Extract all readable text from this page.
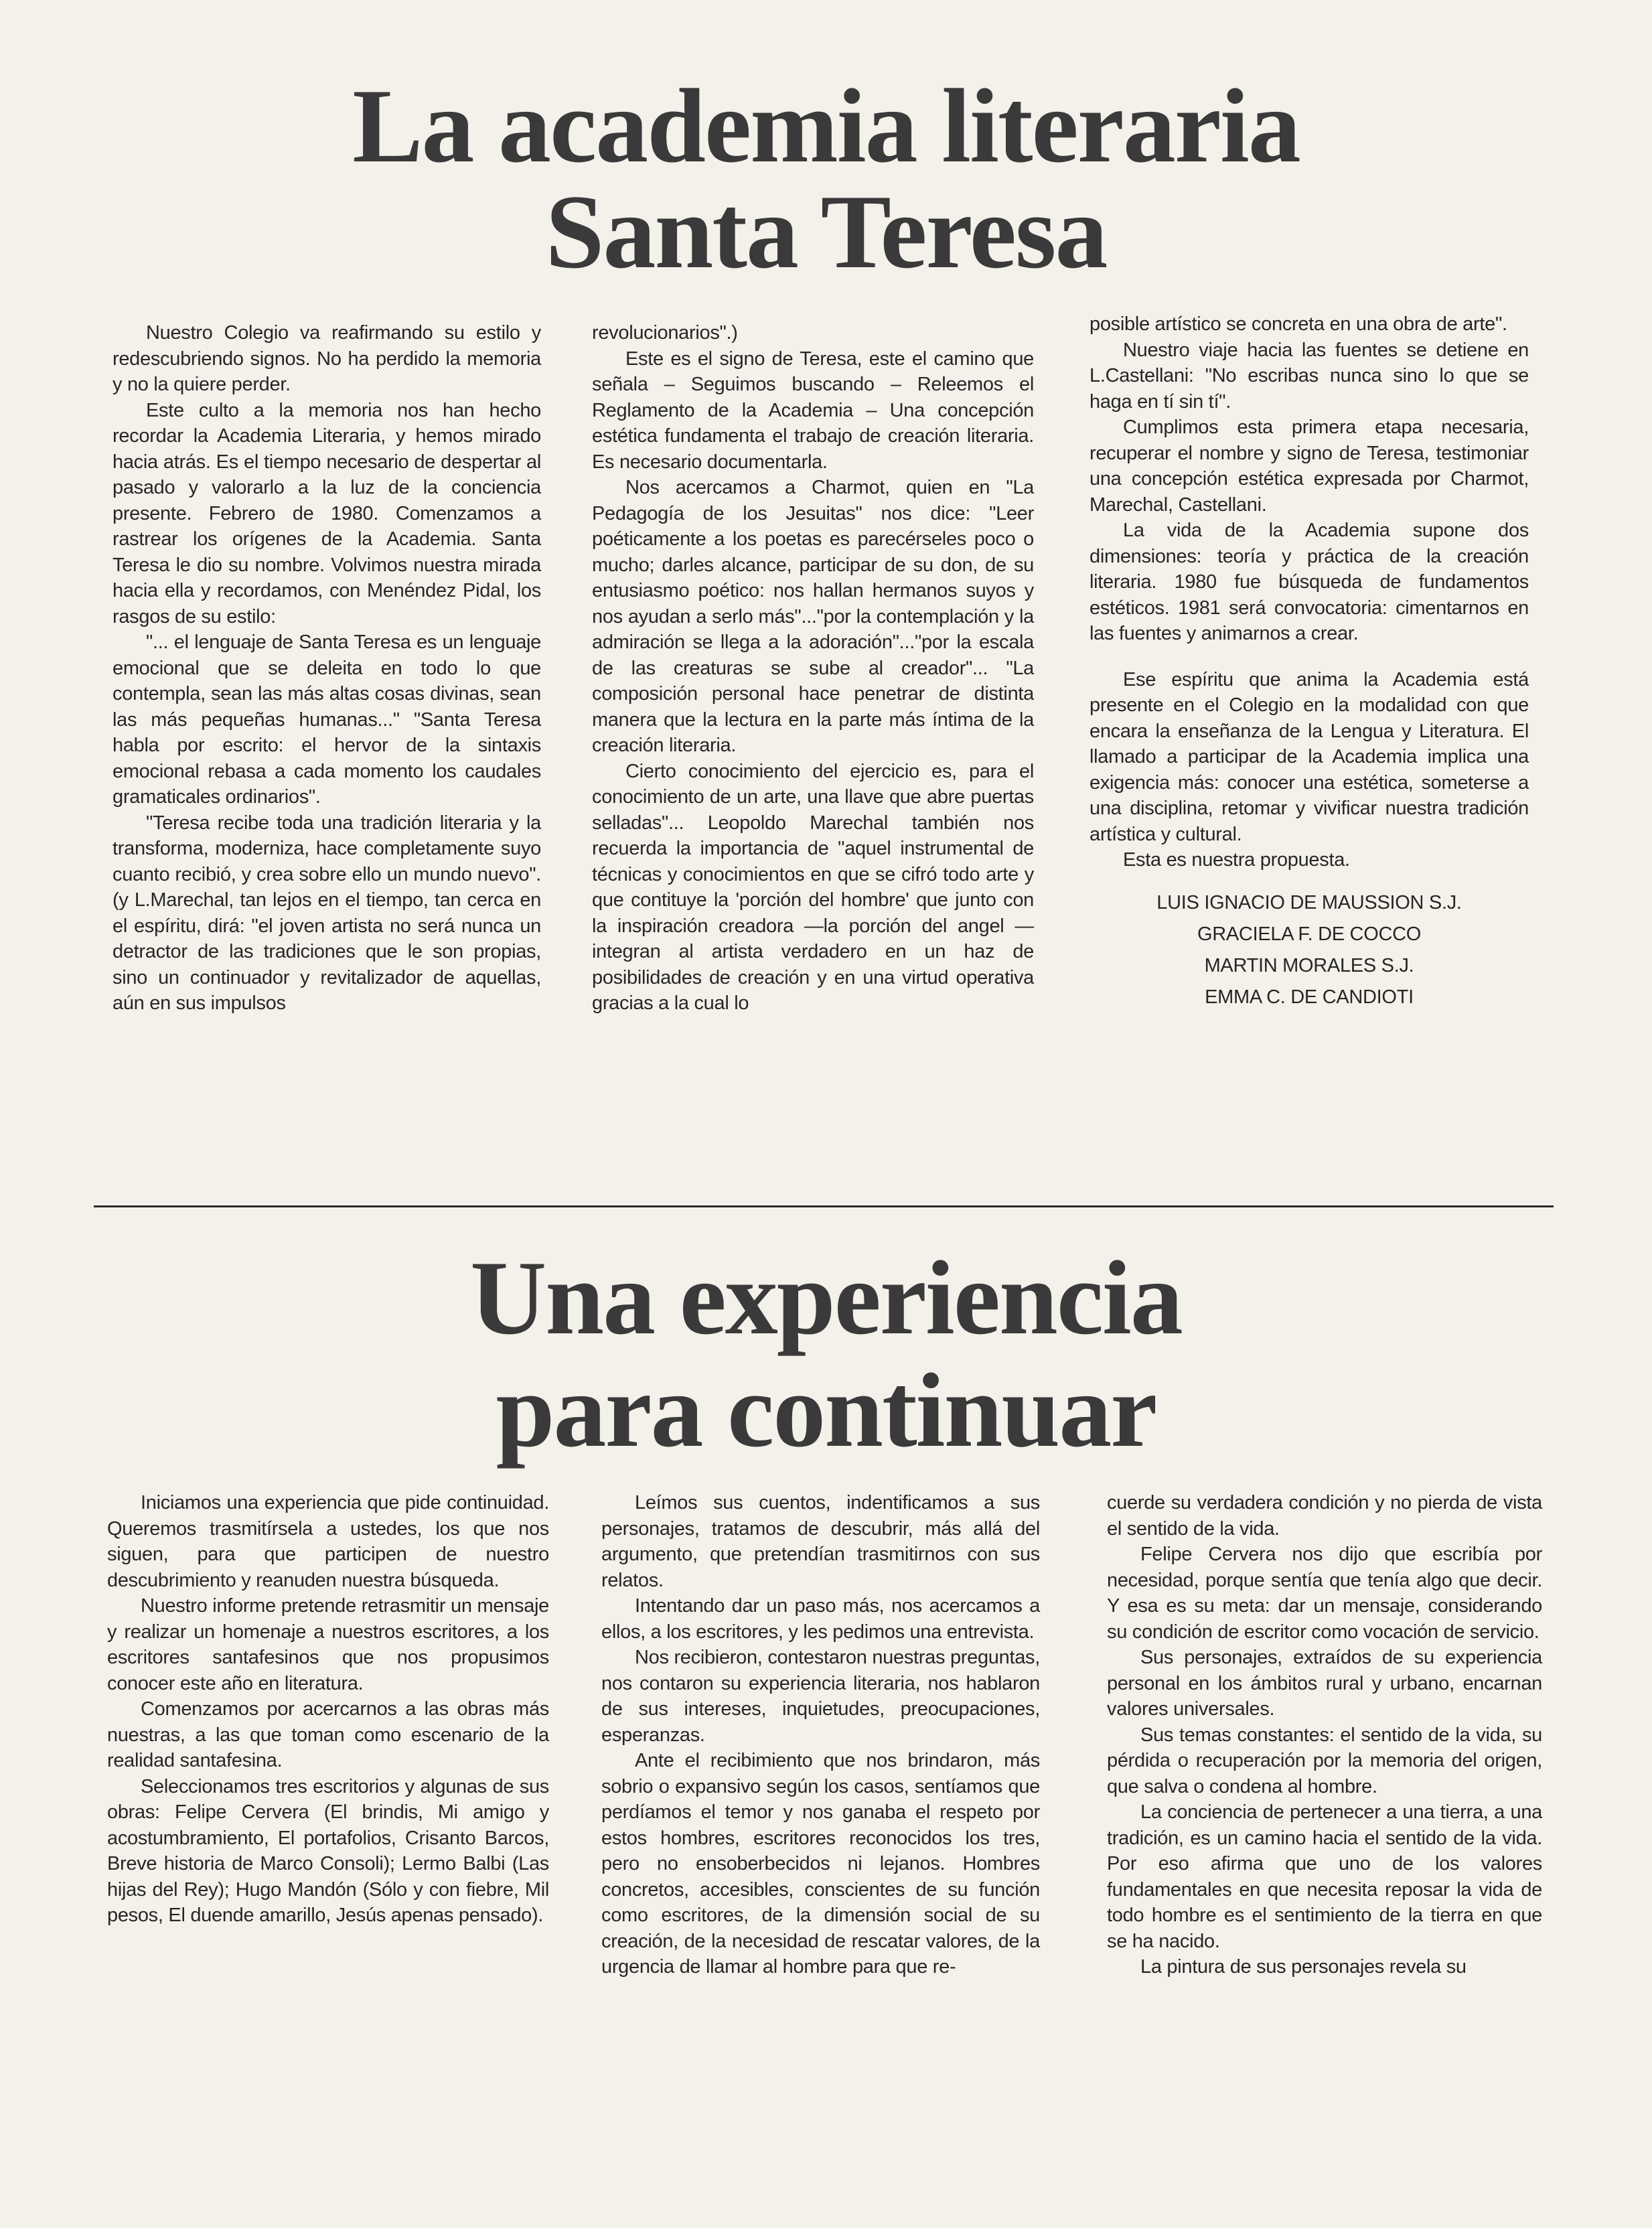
La academia literaria
Santa Teresa

Nuestro Colegio va reafirmando su estilo y redescubriendo signos. No ha perdido la memoria y no la quiere perder.

Este culto a la memoria nos han hecho recordar la Academia Literaria, y hemos mirado hacia atrás. Es el tiempo necesario de despertar al pasado y valorarlo a la luz de la conciencia presente. Febrero de 1980. Comenzamos a rastrear los orígenes de la Academia. Santa Teresa le dio su nombre. Volvimos nuestra mirada hacia ella y recordamos, con Menéndez Pidal, los rasgos de su estilo:

"... el lenguaje de Santa Teresa es un lenguaje emocional que se deleita en todo lo que contempla, sean las más altas cosas divinas, sean las más pequeñas humanas..." "Santa Teresa habla por escrito: el hervor de la sintaxis emocional rebasa a cada momento los caudales gramaticales ordinarios".

"Teresa recibe toda una tradición literaria y la transforma, moderniza, hace completamente suyo cuanto recibió, y crea sobre ello un mundo nuevo". (y L.Marechal, tan lejos en el tiempo, tan cerca en el espíritu, dirá: "el joven artista no será nunca un detractor de las tradiciones que le son propias, sino un continuador y revitalizador de aquellas, aún en sus impulsos

revolucionarios".)

Este es el signo de Teresa, este el camino que señala – Seguimos buscando – Releemos el Reglamento de la Academia – Una concepción estética fundamenta el trabajo de creación literaria. Es necesario documentarla.

Nos acercamos a Charmot, quien en "La Pedagogía de los Jesuitas" nos dice: "Leer poéticamente a los poetas es parecérseles poco o mucho; darles alcance, participar de su don, de su entusiasmo poético: nos hallan hermanos suyos y nos ayudan a serlo más"..."por la contemplación y la admiración se llega a la adoración"..."por la escala de las creaturas se sube al creador"... "La composición personal hace penetrar de distinta manera que la lectura en la parte más íntima de la creación literaria.

Cierto conocimiento del ejercicio es, para el conocimiento de un arte, una llave que abre puertas selladas"... Leopoldo Marechal también nos recuerda la importancia de "aquel instrumental de técnicas y conocimientos en que se cifró todo arte y que contituye la 'porción del hombre' que junto con la inspiración creadora —la porción del angel — integran al artista verdadero en un haz de posibilidades de creación y en una virtud operativa gracias a la cual lo

posible artístico se concreta en una obra de arte".

Nuestro viaje hacia las fuentes se detiene en L.Castellani: "No escribas nunca sino lo que se haga en tí sin tí".

Cumplimos esta primera etapa necesaria, recuperar el nombre y signo de Teresa, testimoniar una concepción estética expresada por Charmot, Marechal, Castellani.

La vida de la Academia supone dos dimensiones: teoría y práctica de la creación literaria. 1980 fue búsqueda de fundamentos estéticos. 1981 será convocatoria: cimentarnos en las fuentes y animarnos a crear.

Ese espíritu que anima la Academia está presente en el Colegio en la modalidad con que encara la enseñanza de la Lengua y Literatura. El llamado a participar de la Academia implica una exigencia más: conocer una estética, someterse a una disciplina, retomar y vivificar nuestra tradición artística y cultural.

Esta es nuestra propuesta.

LUIS IGNACIO DE MAUSSION S.J.

GRACIELA F. DE COCCO

MARTIN MORALES S.J.

EMMA C. DE CANDIOTI

Una experiencia
para continuar

Iniciamos una experiencia que pide continuidad. Queremos trasmitírsela a ustedes, los que nos siguen, para que participen de nuestro descubrimiento y reanuden nuestra búsqueda.

Nuestro informe pretende retrasmitir un mensaje y realizar un homenaje a nuestros escritores, a los escritores santafesinos que nos propusimos conocer este año en literatura.

Comenzamos por acercarnos a las obras más nuestras, a las que toman como escenario de la realidad santafesina.

Seleccionamos tres escritorios y algunas de sus obras: Felipe Cervera (El brindis, Mi amigo y acostumbramiento, El portafolios, Crisanto Barcos, Breve historia de Marco Consoli); Lermo Balbi (Las hijas del Rey); Hugo Mandón (Sólo y con fiebre, Mil pesos, El duende amarillo, Jesús apenas pensado).

Leímos sus cuentos, indentificamos a sus personajes, tratamos de descubrir, más allá del argumento, que pretendían trasmitirnos con sus relatos.

Intentando dar un paso más, nos acercamos a ellos, a los escritores, y les pedimos una entrevista.

Nos recibieron, contestaron nuestras preguntas, nos contaron su experiencia literaria, nos hablaron de sus intereses, inquietudes, preocupaciones, esperanzas.

Ante el recibimiento que nos brindaron, más sobrio o expansivo según los casos, sentíamos que perdíamos el temor y nos ganaba el respeto por estos hombres, escritores reconocidos los tres, pero no ensoberbecidos ni lejanos. Hombres concretos, accesibles, conscientes de su función como escritores, de la dimensión social de su creación, de la necesidad de rescatar valores, de la urgencia de llamar al hombre para que re-

cuerde su verdadera condición y no pierda de vista el sentido de la vida.

Felipe Cervera nos dijo que escribía por necesidad, porque sentía que tenía algo que decir. Y esa es su meta: dar un mensaje, considerando su condición de escritor como vocación de servicio.

Sus personajes, extraídos de su experiencia personal en los ámbitos rural y urbano, encarnan valores universales.

Sus temas constantes: el sentido de la vida, su pérdida o recuperación por la memoria del origen, que salva o condena al hombre.

La conciencia de pertenecer a una tierra, a una tradición, es un camino hacia el sentido de la vida. Por eso afirma que uno de los valores fundamentales en que necesita reposar la vida de todo hombre es el sentimiento de la tierra en que se ha nacido.

La pintura de sus personajes revela su
